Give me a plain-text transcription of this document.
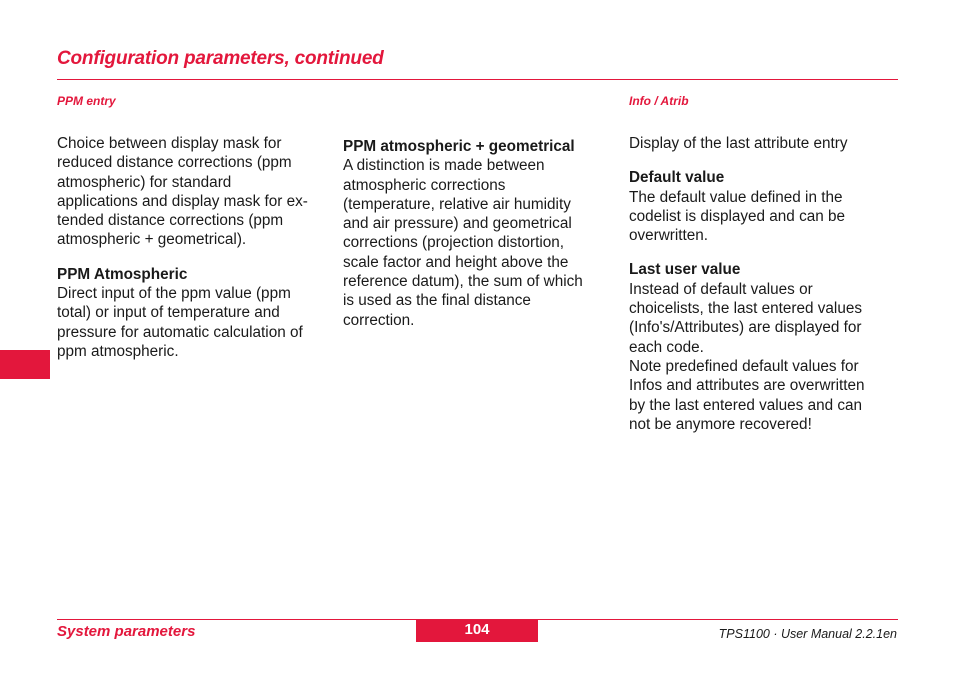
Configuration parameters, continued
PPM entry

Choice between display mask for

reduced distance corrections (ppm

atmospheric) for standard

applications and display mask for ex-

tended distance corrections (ppm

atmospheric + geometrical).

PPM Atmospheric

Direct input of the ppm value (ppm

total) or input of temperature and

pressure for automatic calculation of

ppm atmospheric.

PPM atmospheric + geometrical

A distinction is made between

atmospheric corrections

(temperature, relative air humidity

and air pressure) and geometrical

corrections (projection distortion,

scale factor and height above the

reference datum), the sum of which

is used as the final distance

correction.

Info / Atrib

Display of the last attribute entry

Default value

The default value defined in the

codelist is displayed and can be

overwritten.

Last user value

Instead of default values or

choicelists, the last entered values

(Info's/Attributes) are displayed for

each code.

Note predefined default values for

Infos and attributes are overwritten

by the last entered values and can

not be anymore recovered!

System parameters	104	TPS1100 · User Manual 2.2.1en
